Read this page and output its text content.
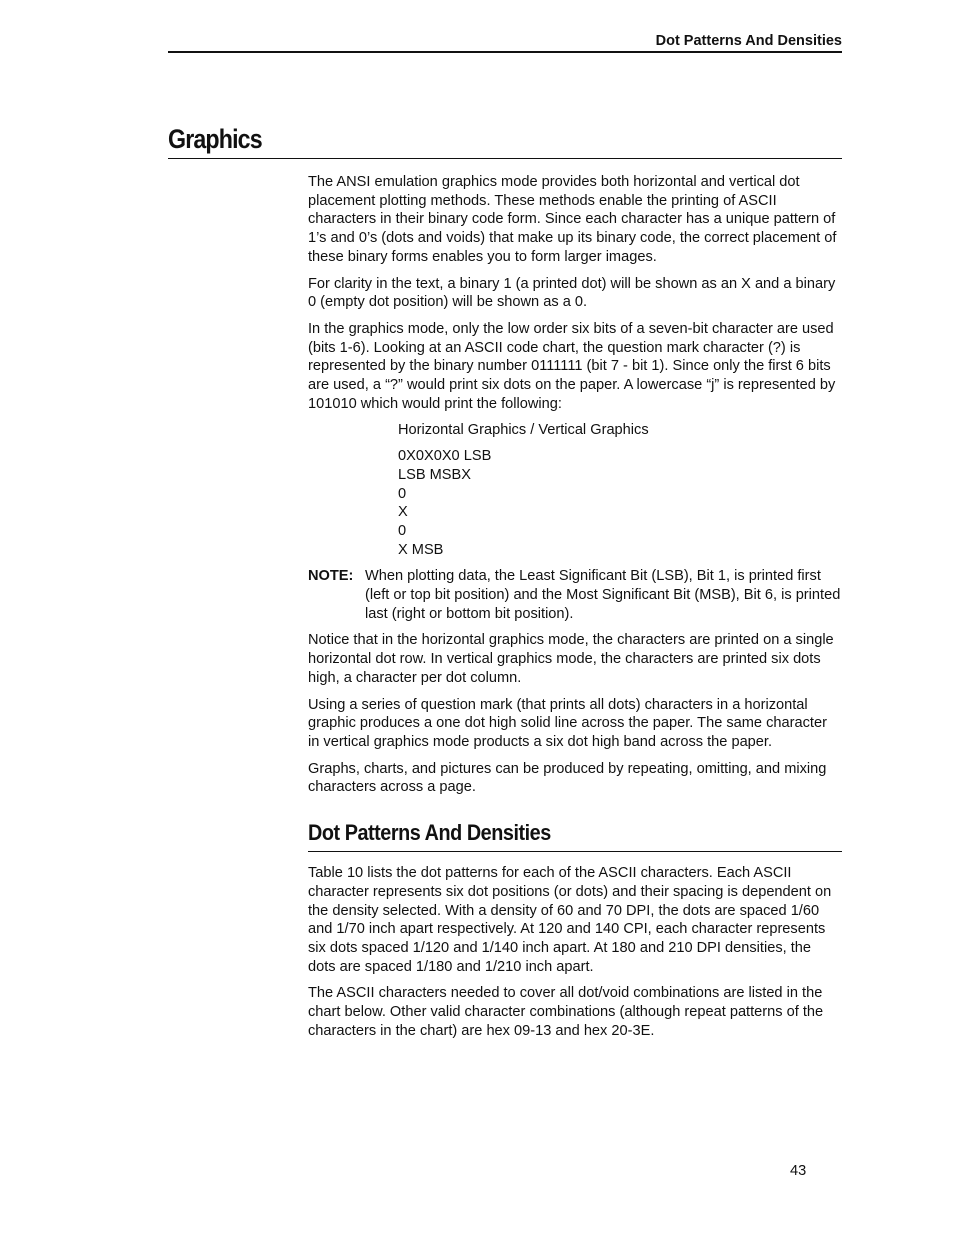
Dot Patterns And Densities
Graphics

The ANSI emulation graphics mode provides both horizontal and vertical dot placement plotting methods. These methods enable the printing of ASCII characters in their binary code form. Since each character has a unique pattern of 1’s and 0’s (dots and voids) that make up its binary code, the correct placement of these binary forms enables you to form larger images.

For clarity in the text, a binary 1 (a printed dot) will be shown as an X and a binary 0 (empty dot position) will be shown as a 0.

In the graphics mode, only the low order six bits of a seven-bit character are used (bits 1-6). Looking at an ASCII code chart, the question mark character (?) is represented by the binary number 0111111 (bit 7 - bit 1). Since only the first 6 bits are used, a “?” would print six dots on the paper. A lowercase “j” is represented by 101010 which would print the following:

Horizontal Graphics / Vertical Graphics

0X0X0X0 LSB
LSB MSBX
0
X
0
X MSB
NOTE: When plotting data, the Least Significant Bit (LSB), Bit 1, is printed first (left or top bit position) and the Most Significant Bit (MSB), Bit 6, is printed last (right or bottom bit position).

Notice that in the horizontal graphics mode, the characters are printed on a single horizontal dot row. In vertical graphics mode, the characters are printed six dots high, a character per dot column.

Using a series of question mark (that prints all dots) characters in a horizontal graphic produces a one dot high solid line across the paper. The same character in vertical graphics mode products a six dot high band across the paper.

Graphs, charts, and pictures can be produced by repeating, omitting, and mixing characters across a page.

Dot Patterns And Densities

Table 10 lists the dot patterns for each of the ASCII characters. Each ASCII character represents six dot positions (or dots) and their spacing is dependent on the density selected. With a density of 60 and 70 DPI, the dots are spaced 1/60 and 1/70 inch apart respectively. At 120 and 140 CPI, each character represents six dots spaced 1/120 and 1/140 inch apart. At 180 and 210 DPI densities, the dots are spaced 1/180 and 1/210 inch apart.

The ASCII characters needed to cover all dot/void combinations are listed in the chart below. Other valid character combinations (although repeat patterns of the characters in the chart) are hex 09-13 and hex 20-3E.

43
